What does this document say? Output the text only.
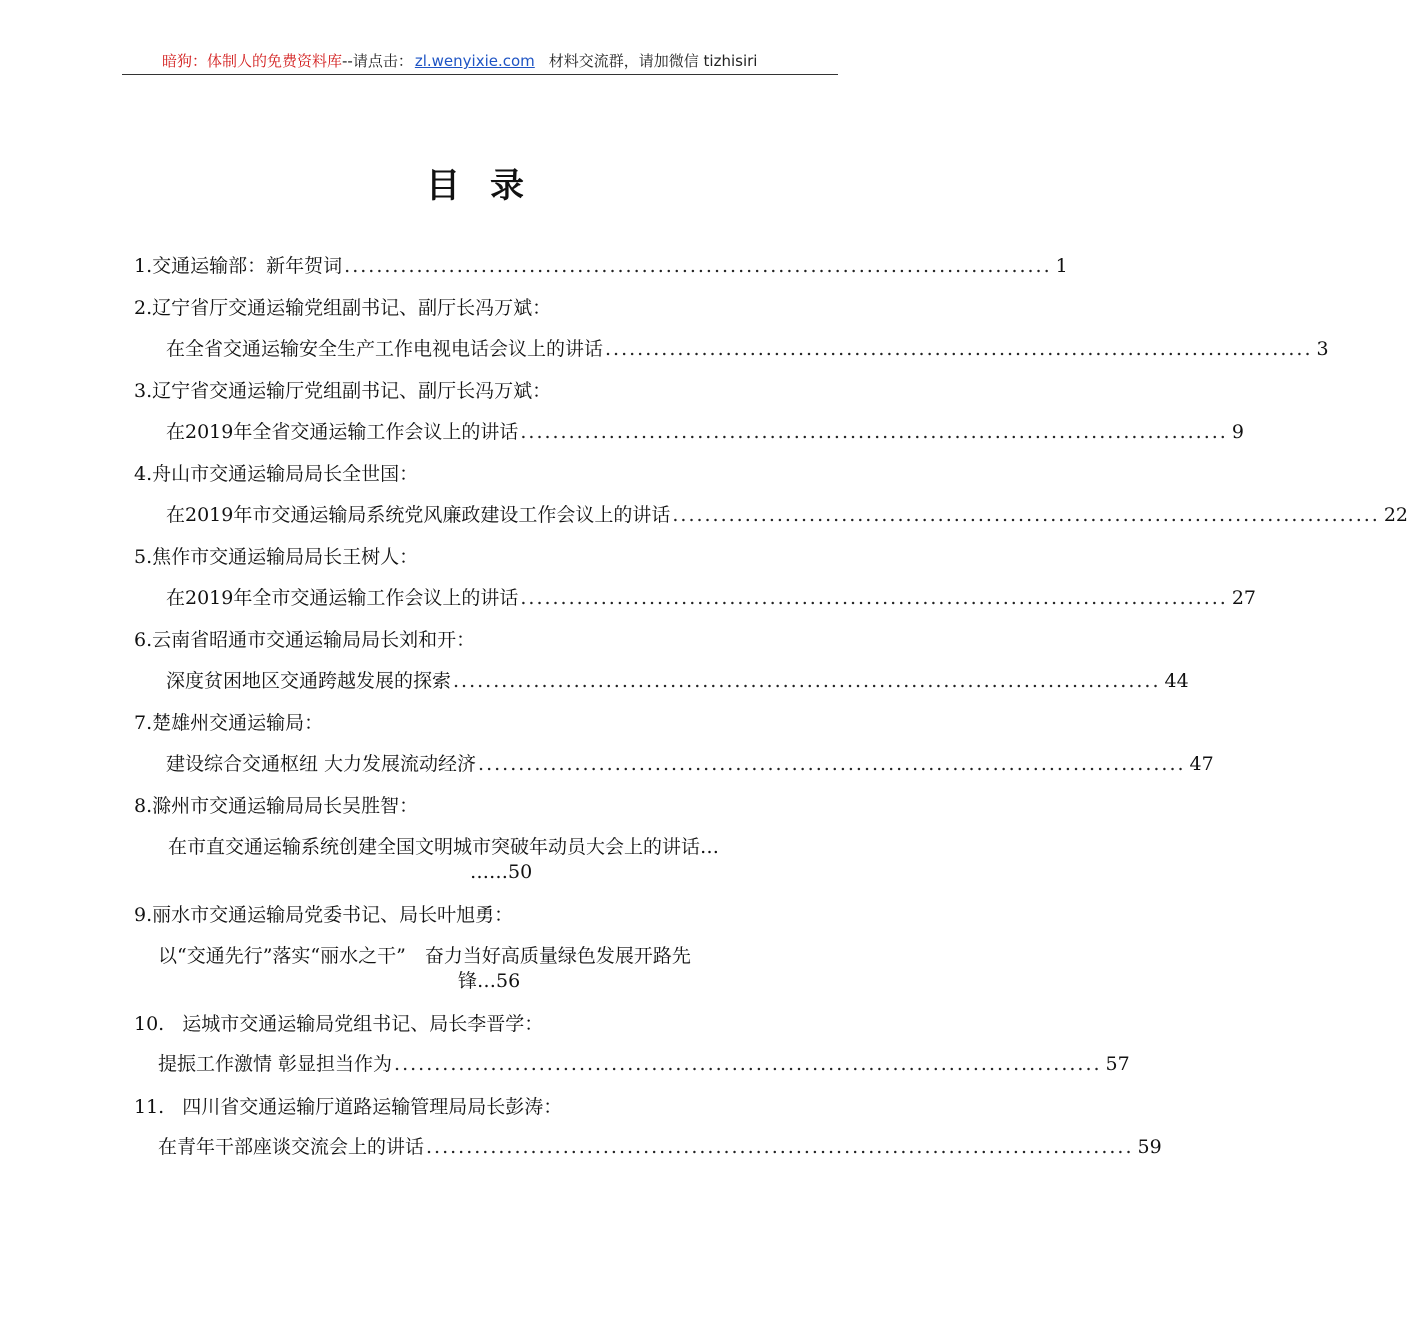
暗狗：体制人的免费资料库--请点击： zl.wenyixie.com 材料交流群，请加微信 tizhisiri
目录
1.交通运输部：新年贺词 ........................................................................................ 1
2.辽宁省厅交通运输党组副书记、副厅长冯万斌：
在全省交通运输安全生产工作电视电话会议上的讲话 ........................................................................................ 3
3.辽宁省交通运输厅党组副书记、副厅长冯万斌：
在2019年全省交通运输工作会议上的讲话 ........................................................................................ 9
4.舟山市交通运输局局长全世国：
在2019年市交通运输局系统党风廉政建设工作会议上的讲话 ........................................................................................ 22
5.焦作市交通运输局局长王树人：
在2019年全市交通运输工作会议上的讲话 ........................................................................................ 27
6.云南省昭通市交通运输局局长刘和开：
深度贫困地区交通跨越发展的探索 ........................................................................................ 44
7.楚雄州交通运输局：
建设综合交通枢纽 大力发展流动经济 ........................................................................................ 47
8.滁州市交通运输局局长吴胜智：
在市直交通运输系统创建全国文明城市突破年动员大会上的讲话…
……50
9.丽水市交通运输局党委书记、局长叶旭勇：
以“交通先行”落实“丽水之干”　奋力当好高质量绿色发展开路先
锋…56
10. 运城市交通运输局党组书记、局长李晋学：
提振工作激情 彰显担当作为 ........................................................................................ 57
11. 四川省交通运输厅道路运输管理局局长彭涛：
在青年干部座谈交流会上的讲话 ........................................................................................ 59
